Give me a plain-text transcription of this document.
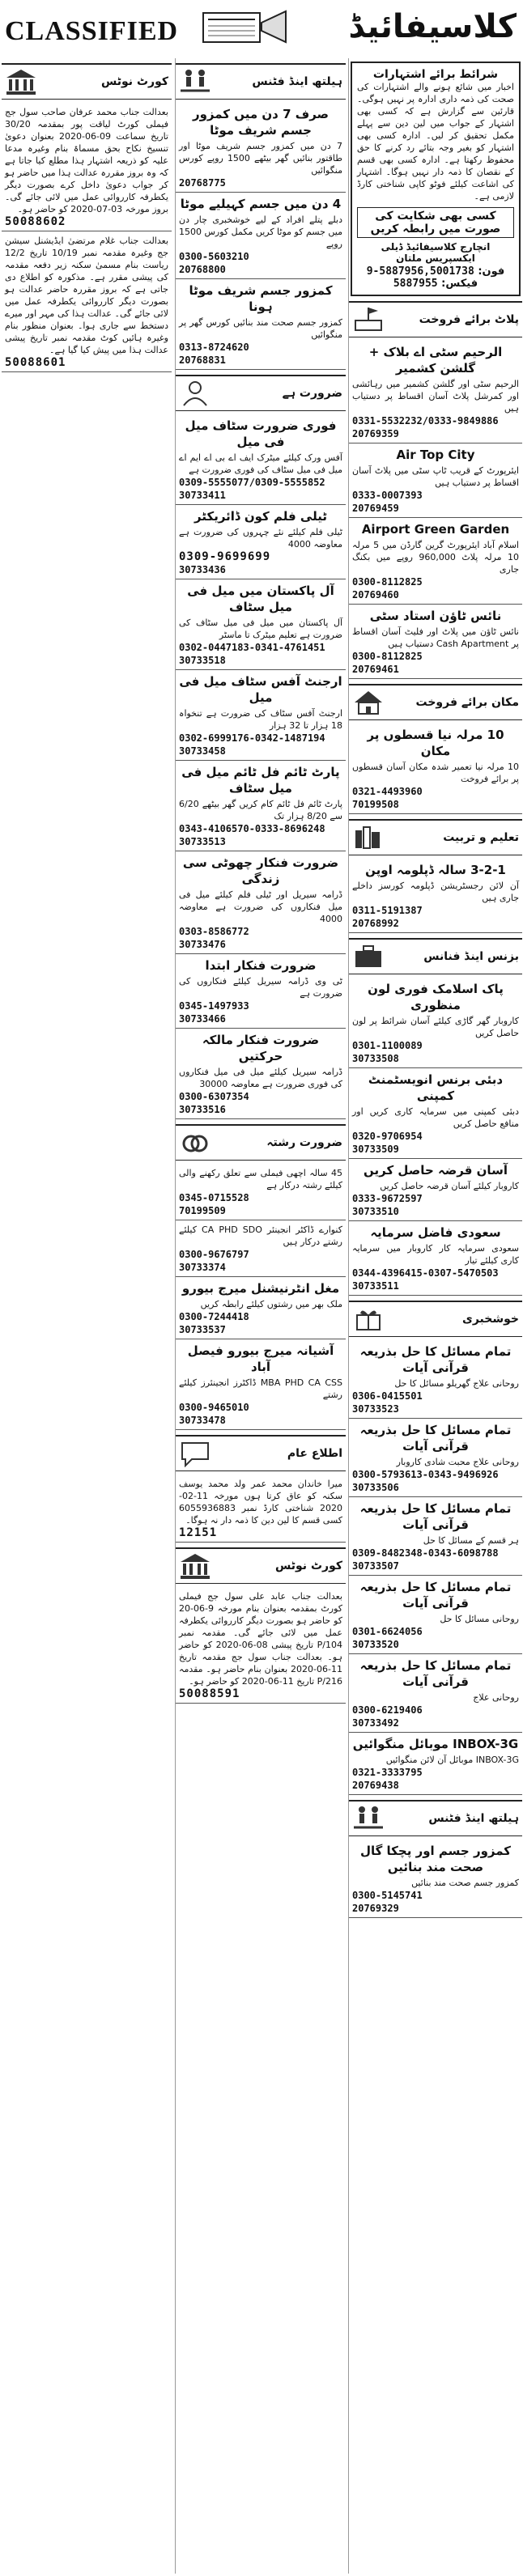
CLASSIFIED	کلاسیفائیڈ
کورٹ نوٹس
بعدالت جناب محمد عرفان صاحب سول جج فیملی کورٹ لیاقت پور بمقدمہ 30/20 تاریخ سماعت 09-06-2020 بعنوان دعویٰ تنسیخ نکاح بحق مسماۃ بنام وغیرہ مدعا علیہ کو ذریعہ اشتہار ہذا مطلع کیا جاتا ہے کہ وہ بروز مقررہ عدالت ہذا میں حاضر ہو کر جواب دعویٰ داخل کرے بصورت دیگر یکطرفہ کارروائی عمل میں لائی جائے گی۔ بروز مورخہ 03-07-2020 کو حاضر ہو۔
50088602
بعدالت جناب غلام مرتضیٰ ایڈیشنل سیشن جج وغیرہ مقدمہ نمبر 10/19 تاریخ 12/2 ریاست بنام مسمیٰ سکنہ زیر دفعہ مقدمہ کی پیشی مقرر ہے۔ مذکورہ کو اطلاع دی جاتی ہے کہ بروز مقررہ حاضر عدالت ہو بصورت دیگر کارروائی یکطرفہ عمل میں لائی جائے گی۔ عدالت ہذا کی مہر اور میرے دستخط سے جاری ہوا۔ بعنوان منظور بنام وغیرہ ہائیں کوٹ مقدمہ نمبر تاریخ پیشی عدالت ہذا میں پیش کیا گیا ہے۔
50088601
ہیلتھ اینڈ فٹنس
صرف 7 دن میں کمزور جسم شریف موٹا
7 دن میں کمزور جسم شریف موٹا اور طاقتور بنائیں گھر بیٹھے 1500 روپے کورس منگوائیں
20768775
4 دن میں جسم کہیلیے موٹا
دبلے پتلے افراد کے لیے خوشخبری چار دن میں جسم کو موٹا کریں مکمل کورس 1500 روپے
0300-5603210
20768800
کمزور جسم شریف موٹا ہونا
کمزور جسم صحت مند بنائیں کورس گھر پر منگوائیں
0313-8724620
20768831
ضرورت ہے
فوری ضرورت سٹاف میل فی میل
آفس ورک کیلئے میٹرک ایف اے بی اے ایم اے میل فی میل سٹاف کی فوری ضرورت ہے
0309-5555077/0309-5555852
30733411
ٹیلی فلم کون ڈائریکٹر
ٹیلی فلم کیلئے نئے چہروں کی ضرورت ہے معاوضہ 4000
0309-9699699
30733436
آل پاکستان میں میل فی میل سٹاف
آل پاکستان میں میل فی میل سٹاف کی ضرورت ہے تعلیم میٹرک تا ماسٹر
0302-0447183-0341-4761451
30733518
ارجنٹ آفس سٹاف میل فی میل
ارجنٹ آفس سٹاف کی ضرورت ہے تنخواہ 18 ہزار تا 32 ہزار
0302-6999176-0342-1487194
30733458
پارٹ ٹائم فل ٹائم میل فی میل سٹاف
پارٹ ٹائم فل ٹائم کام کریں گھر بیٹھے 6/20 سے 8/20 ہزار تک
0343-4106570-0333-8696248
30733513
ضرورت فنکار چھوٹی سی زندگی
ڈرامہ سیریل اور ٹیلی فلم کیلئے میل فی میل فنکاروں کی ضرورت ہے معاوضہ 4000
0303-8586772
30733476
ضرورت فنکار ابتدا
ٹی وی ڈرامہ سیریل کیلئے فنکاروں کی ضرورت ہے
0345-1497933
30733466
ضرورت فنکار مالکہ حرکتیں
ڈرامہ سیریل کیلئے میل فی میل فنکاروں کی فوری ضرورت ہے معاوضہ 30000
0300-6307354
30733516
ضرورت رشتہ
45 سالہ اچھی فیملی سے تعلق رکھنے والی کیلئے رشتہ درکار ہے
0345-0715528
70199509
کنوارے ڈاکٹر انجینئر CA PHD SDO کیلئے رشتے درکار ہیں
0300-9676797
30733374
مغل انٹرنیشنل میرج بیورو
ملک بھر میں رشتوں کیلئے رابطہ کریں
0300-7244418
30733537
آشیانہ میرج بیورو فیصل آباد
MBA PHD CA CSS ڈاکٹرز انجینئرز کیلئے رشتے
0300-9465010
30733478
اطلاع عام
میرا خاندان محمد عمر ولد محمد یوسف سکنہ کو عاق کرتا ہوں مورخہ 11-02-2020 شناختی کارڈ نمبر 6055936883 کسی قسم کا لین دین کا ذمہ دار نہ ہوگا۔
12151
کورٹ نوٹس
بعدالت جناب عابد علی سول جج فیملی کورٹ بمقدمہ بعنوان بنام مورخہ 9-06-20 کو حاضر ہو بصورت دیگر کارروائی یکطرفہ عمل میں لائی جائے گی۔ مقدمہ نمبر 104/P تاریخ پیشی 08-06-2020 کو حاضر ہو۔ بعدالت جناب سول جج مقدمہ تاریخ 11-06-2020 بعنوان بنام حاضر ہو۔ مقدمہ 216/P تاریخ 11-06-2020 کو حاضر ہو۔
50088591
شرائط برائے اشتہارات
اخبار میں شائع ہونے والے اشتہارات کی صحت کی ذمہ داری ادارہ پر نہیں ہوگی۔ قارئین سے گزارش ہے کہ کسی بھی اشتہار کے جواب میں لین دین سے پہلے مکمل تحقیق کر لیں۔ ادارہ کسی بھی اشتہار کو بغیر وجہ بتائے رد کرنے کا حق محفوظ رکھتا ہے۔ ادارہ کسی بھی قسم کے نقصان کا ذمہ دار نہیں ہوگا۔ اشتہار کی اشاعت کیلئے فوٹو کاپی شناختی کارڈ لازمی ہے۔
کسی بھی شکایت کی صورت میں رابطہ کریں
انچارج کلاسیفائیڈ ڈیلی ایکسپریس ملتان
فون: 5887956,5001738-9
فیکس: 5887955
پلاٹ برائے فروخت
الرحیم سٹی اے بلاک + گلشن کشمیر
الرحیم سٹی اور گلشن کشمیر میں رہائشی اور کمرشل پلاٹ آسان اقساط پر دستیاب ہیں
0331-5532232/0333-9849886
20769359
Air Top City
ایئرپورٹ کے قریب ٹاپ سٹی میں پلاٹ آسان اقساط پر دستیاب ہیں
0333-0007393
20769459
Airport Green Garden
اسلام آباد ایئرپورٹ گرین گارڈن میں 5 مرلہ 10 مرلہ پلاٹ 960,000 روپے میں بکنگ جاری
0300-8112825
20769460
نائس ٹاؤن استاد سٹی
نائس ٹاؤن میں پلاٹ اور فلیٹ آسان اقساط پر Cash Apartment دستیاب ہیں
0300-8112825
20769461
مکان برائے فروخت
10 مرلہ نیا قسطوں پر مکان
10 مرلہ نیا تعمیر شدہ مکان آسان قسطوں پر برائے فروخت
0321-4493960
70199508
تعلیم و تربیت
3-2-1 سالہ ڈپلومہ اوپن
آن لائن رجسٹریشن ڈپلومہ کورسز داخلے جاری ہیں
0311-5191387
20768992
بزنس اینڈ فنانس
پاک اسلامک فوری لون منظوری
کاروبار گھر گاڑی کیلئے آسان شرائط پر لون حاصل کریں
0301-1100089
30733508
دبئی برنس انویسٹمنٹ کمپنی
دبئی کمپنی میں سرمایہ کاری کریں اور منافع حاصل کریں
0320-9706954
30733509
آسان قرضہ حاصل کریں
کاروبار کیلئے آسان قرضہ حاصل کریں
0333-9672597
30733510
سعودی فاضل سرمایہ
سعودی سرمایہ کار کاروبار میں سرمایہ کاری کیلئے تیار
0344-4396415-0307-5470503
30733511
خوشخبری
تمام مسائل کا حل بذریعہ قرآنی آیات
روحانی علاج گھریلو مسائل کا حل
0306-0415501
30733523
تمام مسائل کا حل بذریعہ قرآنی آیات
روحانی علاج محبت شادی کاروبار
0300-5793613-0343-9496926
30733506
تمام مسائل کا حل بذریعہ قرآنی آیات
ہر قسم کے مسائل کا حل
0309-8482348-0343-6098788
30733507
تمام مسائل کا حل بذریعہ قرآنی آیات
روحانی مسائل کا حل
0301-6624056
30733520
تمام مسائل کا حل بذریعہ قرآنی آیات
روحانی علاج
0300-6219406
30733492
INBOX-3G موبائل منگوائیں
INBOX-3G موبائل آن لائن منگوائیں
0321-3333795
20769438
ہیلتھ اینڈ فٹنس
کمزور جسم اور پچکا گال صحت مند بنائیں
کمزور جسم صحت مند بنائیں
0300-5145741
20769329
